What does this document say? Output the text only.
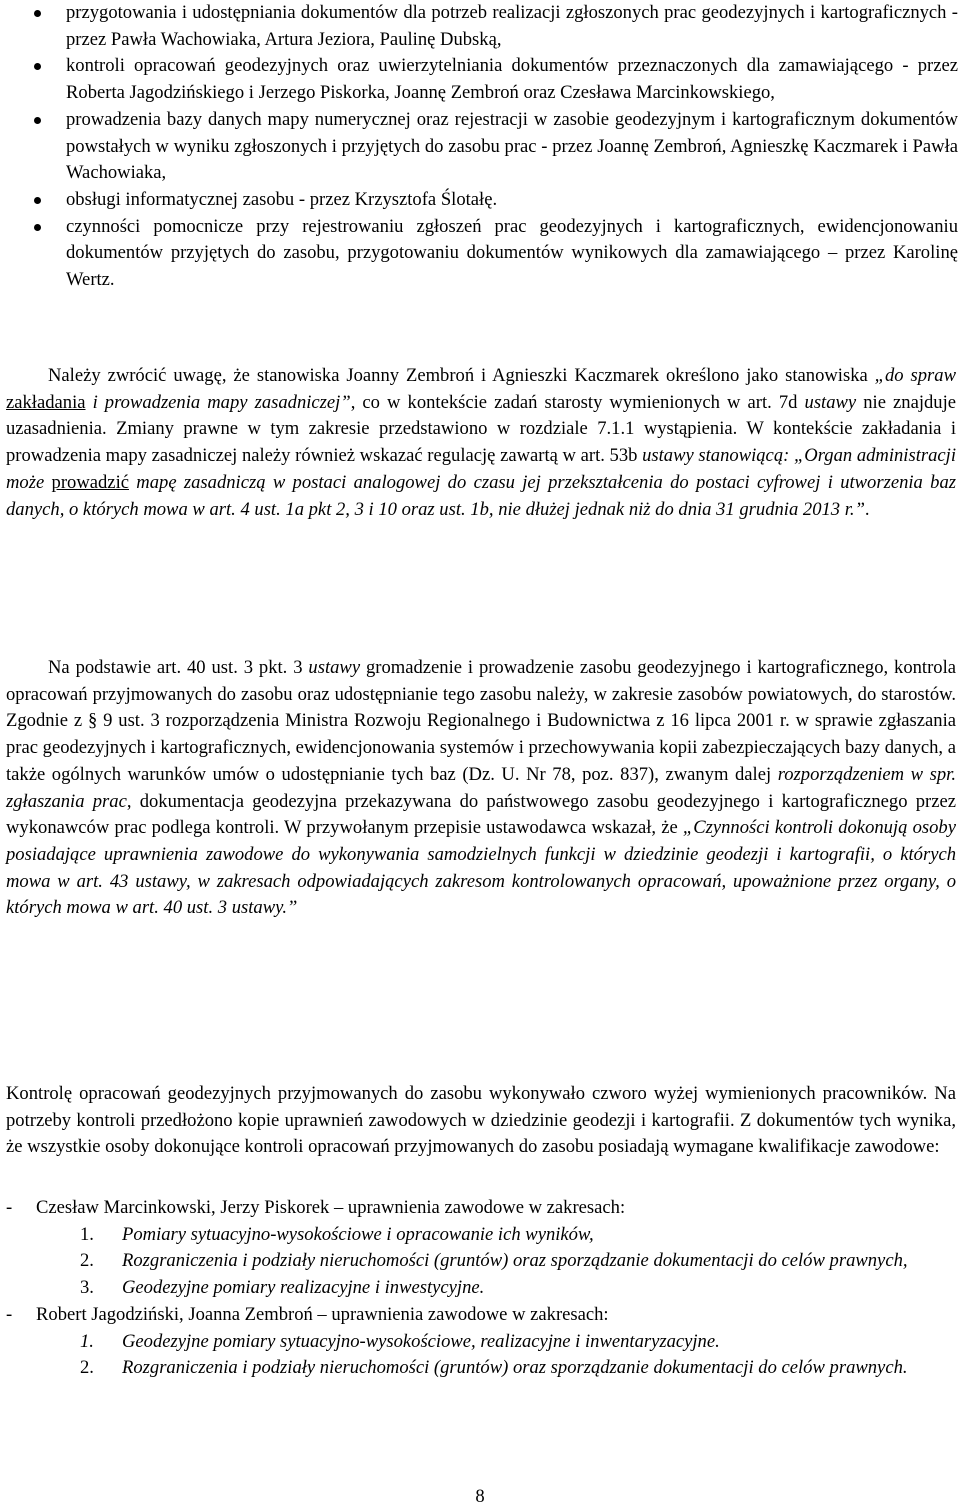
przygotowania i udostępniania dokumentów dla potrzeb realizacji zgłoszonych prac geodezyjnych i kartograficznych - przez Pawła Wachowiaka, Artura Jeziora, Paulinę Dubską,
kontroli opracowań geodezyjnych oraz uwierzytelniania dokumentów przeznaczonych dla zamawiającego - przez Roberta Jagodzińskiego i Jerzego Piskorka, Joannę Zembroń oraz Czesława Marcinkowskiego,
prowadzenia bazy danych mapy numerycznej oraz rejestracji w zasobie geodezyjnym i kartograficznym dokumentów powstałych w wyniku zgłoszonych i przyjętych do zasobu prac - przez Joannę Zembroń, Agnieszkę Kaczmarek i Pawła Wachowiaka,
obsługi informatycznej zasobu - przez Krzysztofa Ślotałę.
czynności pomocnicze przy rejestrowaniu zgłoszeń prac geodezyjnych i kartograficznych, ewidencjonowaniu dokumentów przyjętych do zasobu, przygotowaniu dokumentów wynikowych dla zamawiającego – przez Karolinę Wertz.

Należy zwrócić uwagę, że stanowiska Joanny Zembroń i Agnieszki Kaczmarek określono jako stanowiska „do spraw zakładania i prowadzenia mapy zasadniczej”, co w kontekście zadań starosty wymienionych w art. 7d ustawy nie znajduje uzasadnienia. Zmiany prawne w tym zakresie przedstawiono w rozdziale 7.1.1 wystąpienia. W kontekście zakładania i prowadzenia mapy zasadniczej należy również wskazać regulację zawartą w art. 53b ustawy stanowiącą: „Organ administracji może prowadzić mapę zasadniczą w postaci analogowej do czasu jej przekształcenia do postaci cyfrowej i utworzenia baz danych, o których mowa w art. 4 ust. 1a pkt 2, 3 i 10 oraz ust. 1b, nie dłużej jednak niż do dnia 31 grudnia 2013 r.”.

Na podstawie art. 40 ust. 3 pkt. 3 ustawy gromadzenie i prowadzenie zasobu geodezyjnego i kartograficznego, kontrola opracowań przyjmowanych do zasobu oraz udostępnianie tego zasobu należy, w zakresie zasobów powiatowych, do starostów. Zgodnie z § 9 ust. 3 rozporządzenia Ministra Rozwoju Regionalnego i Budownictwa z 16 lipca 2001 r. w sprawie zgłaszania prac geodezyjnych i kartograficznych, ewidencjonowania systemów i przechowywania kopii zabezpieczających bazy danych, a także ogólnych warunków umów o udostępnianie tych baz (Dz. U. Nr 78, poz. 837), zwanym dalej rozporządzeniem w spr. zgłaszania prac, dokumentacja geodezyjna przekazywana do państwowego zasobu geodezyjnego i kartograficznego przez wykonawców prac podlega kontroli. W przywołanym przepisie ustawodawca wskazał, że „Czynności kontroli dokonują osoby posiadające uprawnienia zawodowe do wykonywania samodzielnych funkcji w dziedzinie geodezji i kartografii, o których mowa w art. 43 ustawy, w zakresach odpowiadających zakresom kontrolowanych opracowań, upoważnione przez organy, o których mowa w art. 40 ust. 3 ustawy.”

Kontrolę opracowań geodezyjnych przyjmowanych do zasobu wykonywało czworo wyżej wymienionych pracowników. Na potrzeby kontroli przedłożono kopie uprawnień zawodowych w dziedzinie geodezji i kartografii. Z dokumentów tych wynika, że wszystkie osoby dokonujące kontroli opracowań przyjmowanych do zasobu posiadają wymagane kwalifikacje zawodowe:

- Czesław Marcinkowski, Jerzy Piskorek – uprawnienia zawodowe w zakresach:
1. Pomiary sytuacyjno-wysokościowe i opracowanie ich wyników,
2. Rozgraniczenia i podziały nieruchomości (gruntów) oraz sporządzanie dokumentacji do celów prawnych,
3. Geodezyjne pomiary realizacyjne i inwestycyjne.
- Robert Jagodziński, Joanna Zembroń – uprawnienia zawodowe w zakresach:
1. Geodezyjne pomiary sytuacyjno-wysokościowe, realizacyjne i inwentaryzacyjne.
2. Rozgraniczenia i podziały nieruchomości (gruntów) oraz sporządzanie dokumentacji do celów prawnych.
8
